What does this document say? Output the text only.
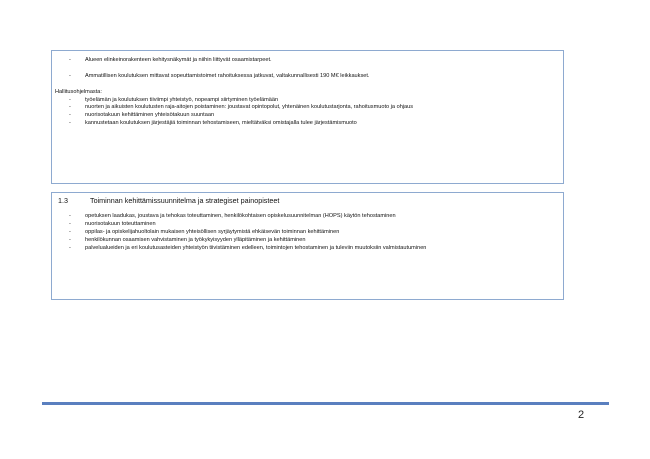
-	Alueen elinkeinorakenteen kehitysnäkymät ja niihin liittyvät osaamistarpeet.
-	Ammatillisen koulutuksen mittavat sopeuttamistoimet rahoituksessa jatkuvat, valtakunnallisesti 190 M€ leikkaukset.
Hallitusohjelmasta:
-	työelämän ja koulutuksen tiiviimpi yhteistyö, nopeampi siirtyminen työelämään
-	nuorten ja aikuisten koulutusten raja-aitojen poistaminen: joustavat opintopolut, yhtenäinen koulutustarjonta, rahoitusmuoto ja ohjaus
-	nuorisotakuun kehittäminen yhteisötakuun suuntaan
-	kannustetaan koulutuksen järjestäjiä toiminnan tehostamiseen, mieltätväksi omistajalla tulee järjestämismuoto
1.3	Toiminnan kehittämissuunnitelma ja strategiset painopisteet
-	opetuksen laadukas, joustava ja tehokas toteuttaminen, henkilökohtaisen opiskelusuunnitelman (HOPS) käytön tehostaminen
-	nuorisotakuun toteuttaminen
-	oppilas- ja opiskelijahuoltolain mukaisen yhteisöllisen syrjäytymistä ehkäisevän toiminnan kehittäminen
-	henkilökunnan osaamisen vahvistaminen ja työkykyisyyden ylläpitäminen ja kehittäminen
-	palvelualueiden ja eri koulutusasteiden yhteistyön tiivistäminen edelleen, toimintojen tehostaminen ja tuleviin muutoksiin valmistautuminen
2
